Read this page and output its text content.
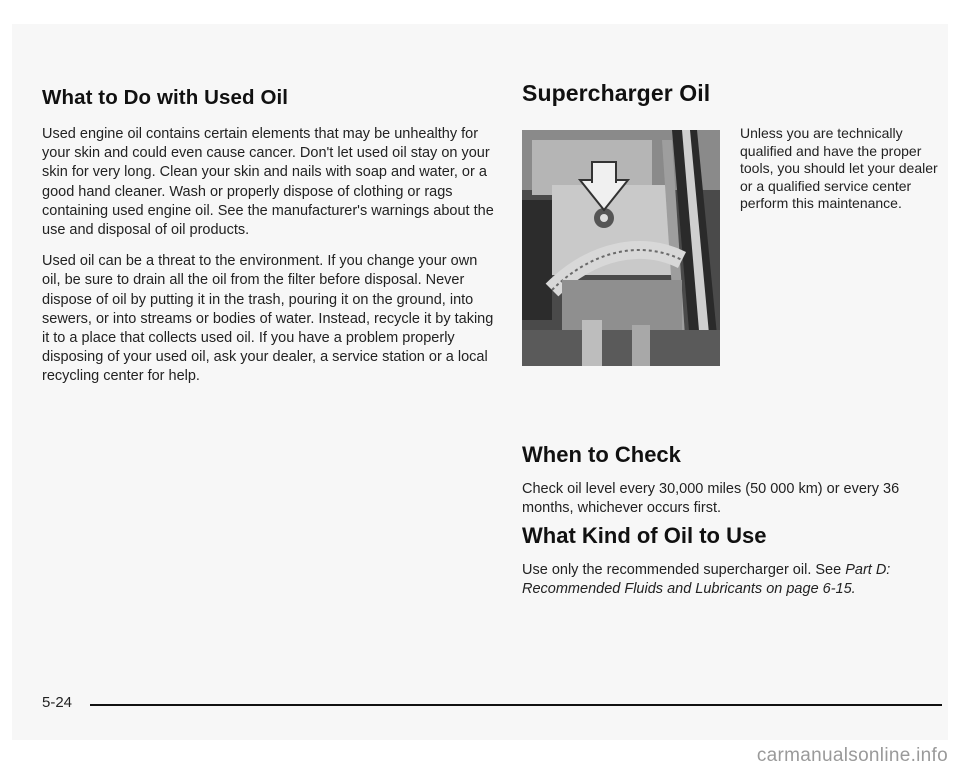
What to Do with Used Oil

Used engine oil contains certain elements that may be unhealthy for your skin and could even cause cancer. Don't let used oil stay on your skin for very long. Clean your skin and nails with soap and water, or a good hand cleaner. Wash or properly dispose of clothing or rags containing used engine oil. See the manufacturer's warnings about the use and disposal of oil products.

Used oil can be a threat to the environment. If you change your own oil, be sure to drain all the oil from the filter before disposal. Never dispose of oil by putting it in the trash, pouring it on the ground, into sewers, or into streams or bodies of water. Instead, recycle it by taking it to a place that collects used oil. If you have a problem properly disposing of your used oil, ask your dealer, a service station or a local recycling center for help.

Supercharger Oil

Unless you are technically qualified and have the proper tools, you should let your dealer or a qualified service center perform this maintenance.

When to Check

Check oil level every 30,000 miles (50 000 km) or every 36 months, whichever occurs first.

What Kind of Oil to Use

Use only the recommended supercharger oil. See Part D: Recommended Fluids and Lubricants on page 6-15.

5-24
carmanualsonline.info
